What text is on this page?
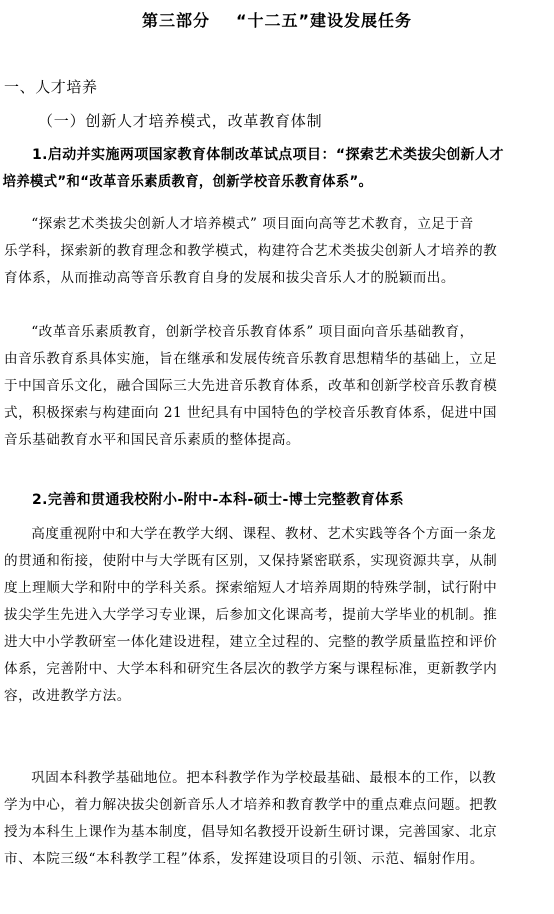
第三部分 “十二五”建设发展任务
一、人才培养
（一）创新人才培养模式，改革教育体制
1.启动并实施两项国家教育体制改革试点项目：“探索艺术类拔尖创新人才
培养模式”和“改革音乐素质教育，创新学校音乐教育体系”。
“探索艺术类拔尖创新人才培养模式” 项目面向高等艺术教育，立足于音
乐学科，探索新的教育理念和教学模式，构建符合艺术类拔尖创新人才培养的教
育体系，从而推动高等音乐教育自身的发展和拔尖音乐人才的脱颖而出。
“改革音乐素质教育，创新学校音乐教育体系” 项目面向音乐基础教育，
由音乐教育系具体实施，旨在继承和发展传统音乐教育思想精华的基础上，立足
于中国音乐文化，融合国际三大先进音乐教育体系，改革和创新学校音乐教育模
式，积极探索与构建面向 21 世纪具有中国特色的学校音乐教育体系，促进中国
音乐基础教育水平和国民音乐素质的整体提高。
2.完善和贯通我校附小-附中-本科-硕士-博士完整教育体系
高度重视附中和大学在教学大纲、课程、教材、艺术实践等各个方面一条龙
的贯通和衔接，使附中与大学既有区别，又保持紧密联系，实现资源共享，从制
度上理顺大学和附中的学科关系。探索缩短人才培养周期的特殊学制，试行附中
拔尖学生先进入大学学习专业课，后参加文化课高考，提前大学毕业的机制。推
进大中小学教研室一体化建设进程，建立全过程的、完整的教学质量监控和评价
体系，完善附中、大学本科和研究生各层次的教学方案与课程标准，更新教学内
容，改进教学方法。
巩固本科教学基础地位。把本科教学作为学校最基础、最根本的工作，以教
学为中心，着力解决拔尖创新音乐人才培养和教育教学中的重点难点问题。把教
授为本科生上课作为基本制度，倡导知名教授开设新生研讨课，完善国家、北京
市、本院三级“本科教学工程”体系，发挥建设项目的引领、示范、辐射作用。
